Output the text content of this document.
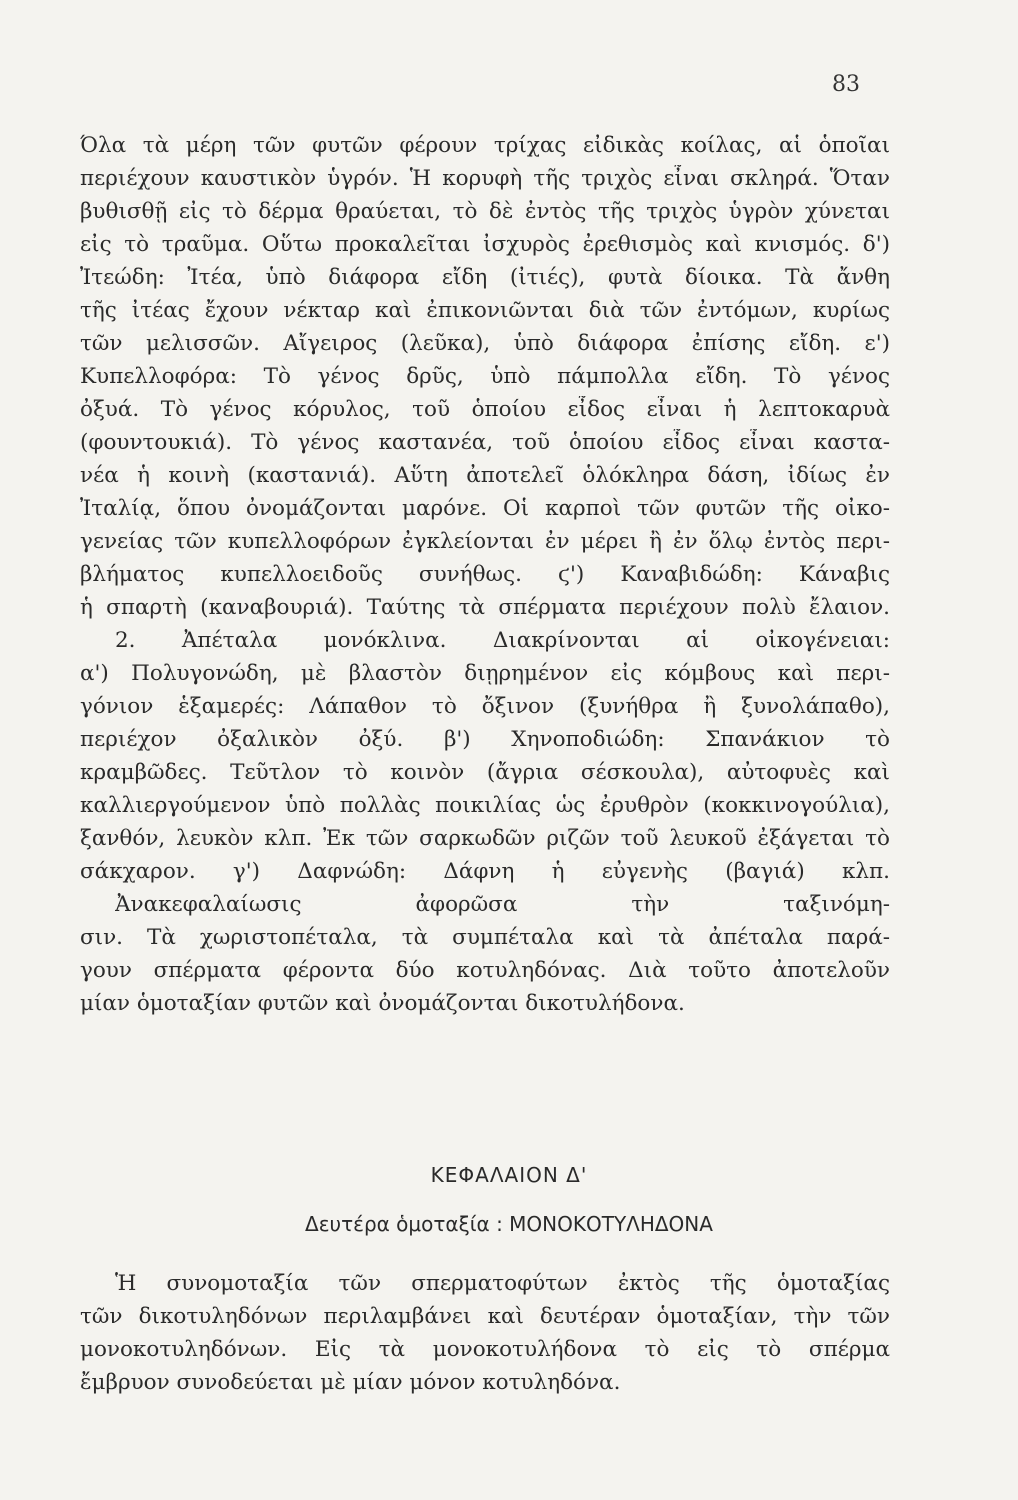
83
Όλα τὰ μέρη τῶν φυτῶν φέρουν τρίχας εἰδικὰς κοίλας, αἱ ὁποῖαι
περιέχουν καυστικὸν ὑγρόν. Ἡ κορυφὴ τῆς τριχὸς εἶναι σκληρά. Ὅταν
βυθισθῇ εἰς τὸ δέρμα θραύεται, τὸ δὲ ἐντὸς τῆς τριχὸς ὑγρὸν χύνεται
εἰς τὸ τραῦμα. Οὕτω προκαλεῖται ἰσχυρὸς ἐρεθισμὸς καὶ κνισμός. δ')
Ἰτεώδη: Ἰτέα, ὑπὸ διάφορα εἴδη (ἰτιές), φυτὰ δίοικα. Τὰ ἄνθη
τῆς ἰτέας ἔχουν νέκταρ καὶ ἐπικονιῶνται διὰ τῶν ἐντόμων, κυρίως
τῶν μελισσῶν. Αἴγειρος (λεῦκα), ὑπὸ διάφορα ἐπίσης εἴδη. ε')
Κυπελλοφόρα: Τὸ γένος δρῦς, ὑπὸ πάμπολλα εἴδη. Τὸ γένος
ὀξυά. Τὸ γένος κόρυλος, τοῦ ὁποίου εἶδος εἶναι ἡ λεπτοκαρυὰ
(φουντουκιά). Τὸ γένος καστανέα, τοῦ ὁποίου εἶδος εἶναι καστα-
νέα ἡ κοινὴ (καστανιά). Αὕτη ἀποτελεῖ ὁλόκληρα δάση, ἰδίως ἐν
Ἰταλίᾳ, ὅπου ὀνομάζονται μαρόνε. Οἱ καρποὶ τῶν φυτῶν τῆς οἰκο-
γενείας τῶν κυπελλοφόρων ἐγκλείονται ἐν μέρει ἢ ἐν ὅλῳ ἐντὸς περι-
βλήματος κυπελλοειδοῦς συνήθως. ϛ') Καναβιδώδη: Κάναβις
ἡ σπαρτὴ (καναβουριά). Ταύτης τὰ σπέρματα περιέχουν πολὺ ἔλαιον.
2. Ἀπέταλα μονόκλινα. Διακρίνονται αἱ οἰκογένειαι:
α') Πολυγονώδη, μὲ βλαστὸν διῃρημένον εἰς κόμβους καὶ περι-
γόνιον ἑξαμερές: Λάπαθον τὸ ὄξινον (ξυνήθρα ἢ ξυνολάπαθο),
περιέχον ὀξαλικὸν ὀξύ. β') Χηνοποδιώδη: Σπανάκιον τὸ
κραμβῶδες. Τεῦτλον τὸ κοινὸν (ἄγρια σέσκουλα), αὐτοφυὲς καὶ
καλλιεργούμενον ὑπὸ πολλὰς ποικιλίας ὡς ἐρυθρὸν (κοκκινογούλια),
ξανθόν, λευκὸν κλπ. Ἐκ τῶν σαρκωδῶν ριζῶν τοῦ λευκοῦ ἐξάγεται τὸ
σάκχαρον. γ') Δαφνώδη: Δάφνη ἡ εὐγενὴς (βαγιά) κλπ.
Ἀνακεφαλαίωσις ἀφορῶσα τὴν ταξινόμη-
σιν. Τὰ χωριστοπέταλα, τὰ συμπέταλα καὶ τὰ ἀπέταλα παρά-
γουν σπέρματα φέροντα δύο κοτυληδόνας. Διὰ τοῦτο ἀποτελοῦν
μίαν ὁμοταξίαν φυτῶν καὶ ὀνομάζονται δικοτυλήδονα.
ΚΕΦΑΛΑΙΟΝ Δ'
Δευτέρα ὁμοταξία : ΜΟΝΟΚΟΤΥΛΗΔΟΝΑ
Ἡ συνομοταξία τῶν σπερματοφύτων ἐκτὸς τῆς ὁμοταξίας
τῶν δικοτυληδόνων περιλαμβάνει καὶ δευτέραν ὁμοταξίαν, τὴν τῶν
μονοκοτυληδόνων. Εἰς τὰ μονοκοτυλήδονα τὸ εἰς τὸ σπέρμα
ἔμβρυον συνοδεύεται μὲ μίαν μόνον κοτυληδόνα.
